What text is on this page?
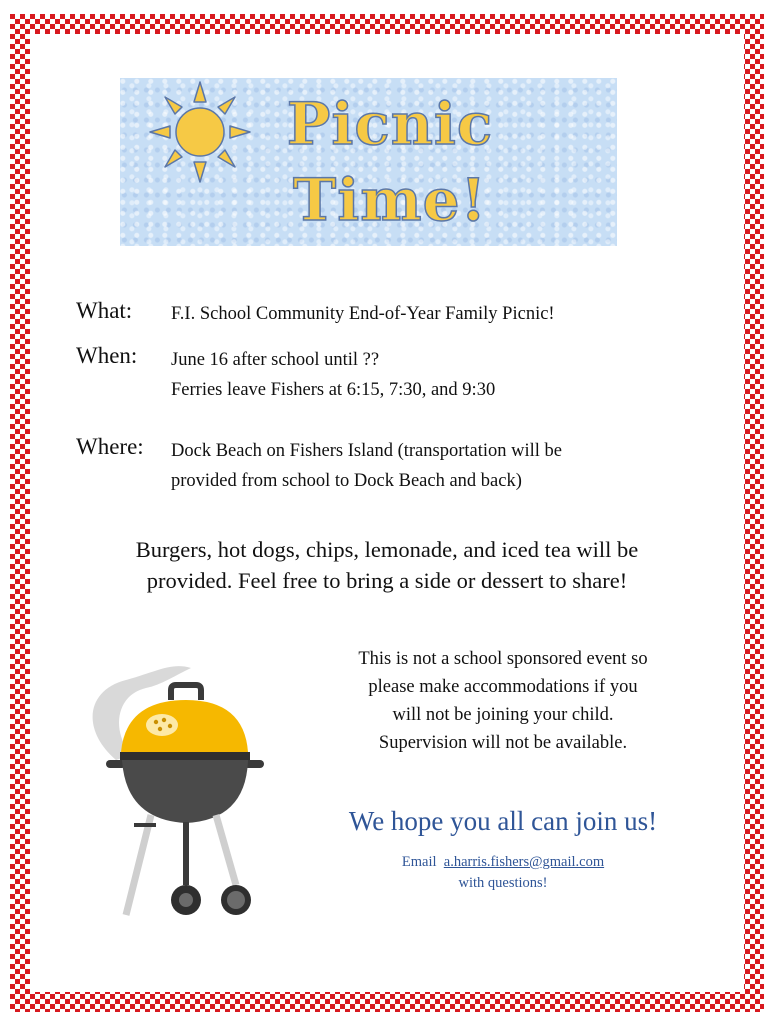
Picnic
Time!
What: F.I. School Community End-of-Year Family Picnic!
When: June 16 after school until ??
Ferries leave Fishers at 6:15, 7:30, and 9:30
Where: Dock Beach on Fishers Island (transportation will be
provided from school to Dock Beach and back)
Burgers, hot dogs, chips, lemonade, and iced tea will be
provided. Feel free to bring a side or dessert to share!
This is not a school sponsored event so
please make accommodations if you
will not be joining your child.
Supervision will not be available.
We hope you all can join us!
Email a.harris.fishers@gmail.com
with questions!
